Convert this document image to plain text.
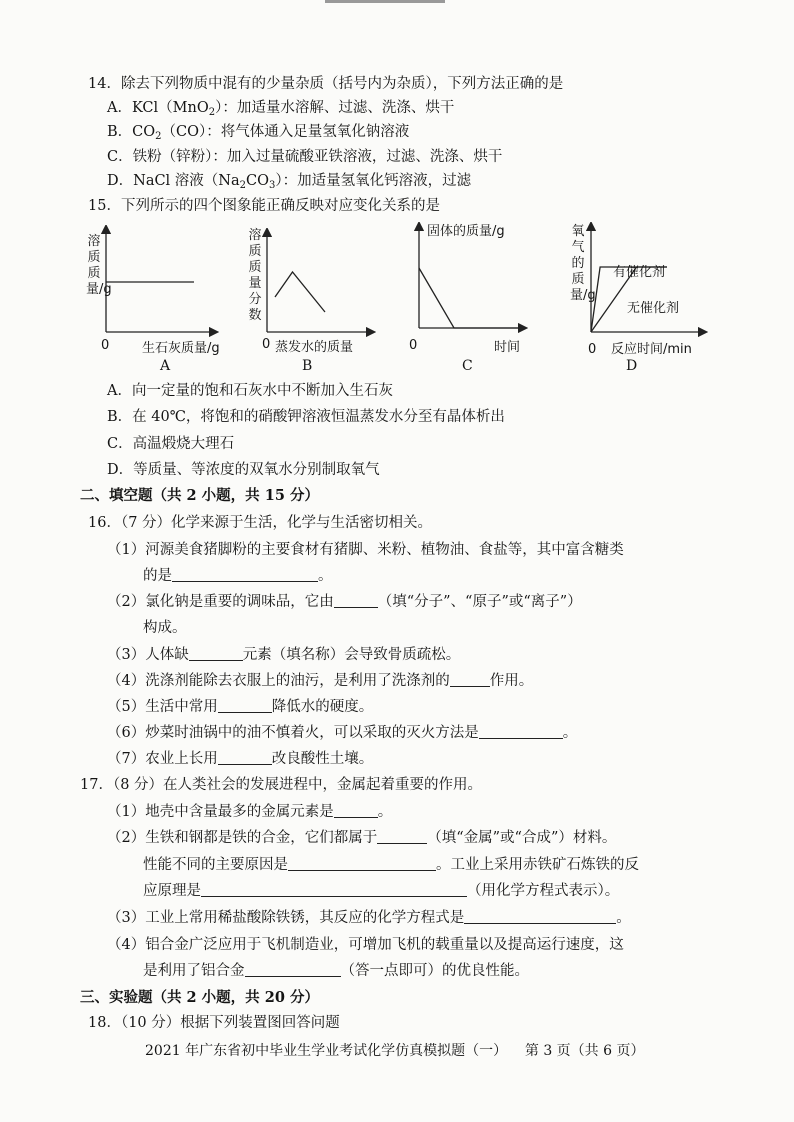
14．除去下列物质中混有的少量杂质（括号内为杂质），下列方法正确的是
A．KCl（MnO$_2$）：加适量水溶解、过滤、洗涤、烘干
B．$CO_2(CO)$：将气体通入足量氢氧化钠溶液
C．铁粉（锌粉）：加入过量硫酸亚铁溶液，过滤、洗涤、烘干
D．NaCl 溶液$(Na_2CO_3)$：加适量氢氧化钙溶液，过滤
15．下列所示的四个图象能正确反映对应变化关系的是
溶质质量/g
0	生石灰质量/g
A
溶质质量分数
0 蒸发水的质量
B
固体的质量/g
0	时间
C
氧气的质量/g
有催化剂
无催化剂
0 反应时间/min
D
A．向一定量的饱和石灰水中不断加入生石灰
B．在 40℃，将饱和的硝酸钾溶液恒温蒸发水分至有晶体析出
C．高温煅烧大理石
D．等质量、等浓度的双氧水分别制取氧气
二、填空题（共 2 小题，共 15 分）
16．（7 分）化学来源于生活，化学与生活密切相关。
（1）河源美食猪脚粉的主要食材有猪脚、米粉、植物油、食盐等，其中富含糖类
的是	。
（2）氯化钠是重要的调味品，它由	（填“分子”、“原子”或“离子”）
构成。
（3）人体缺	元素（填名称）会导致骨质疏松。
（4）洗涤剂能除去衣服上的油污，是利用了洗涤剂的	作用。
（5）生活中常用	降低水的硬度。
（6）炒菜时油锅中的油不慎着火，可以采取的灭火方法是	。
（7）农业上长用	改良酸性土壤。
17．（8 分）在人类社会的发展进程中，金属起着重要的作用。
（1）地壳中含量最多的金属元素是	。
（2）生铁和钢都是铁的合金，它们都属于	（填“金属”或“合成”）材料。
性能不同的主要原因是	。工业上采用赤铁矿石炼铁的反
应原理是	（用化学方程式表示）。
（3）工业上常用稀盐酸除铁锈，其反应的化学方程式是	。
（4）铝合金广泛应用于飞机制造业，可增加飞机的载重量以及提高运行速度，这
是利用了铝合金	（答一点即可）的优良性能。
三、实验题（共 2 小题，共 20 分）
18．（10 分）根据下列装置图回答问题
2021 年广东省初中毕业生学业考试化学仿真模拟题（一）    第 3 页（共 6 页）
